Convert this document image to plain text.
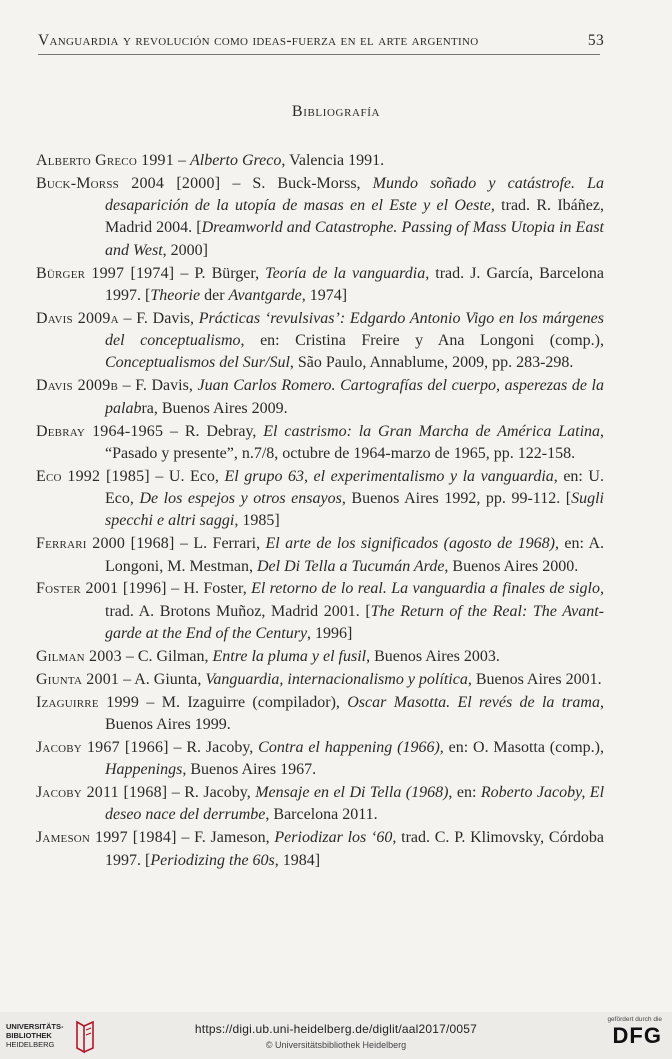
Vanguardia y revolución como ideas-fuerza en el arte argentino	53
Bibliografía

Alberto Greco 1991 – Alberto Greco, Valencia 1991.

Buck-Morss 2004 [2000] – S. Buck-Morss, Mundo soñado y catástrofe. La desaparición de la utopía de masas en el Este y el Oeste, trad. R. Ibáñez, Madrid 2004. [Dreamworld and Catastrophe. Passing of Mass Utopia in East and West, 2000]

Bürger 1997 [1974] – P. Bürger, Teoría de la vanguardia, trad. J. García, Barcelona 1997. [Theorie der Avantgarde, 1974]

Davis 2009a – F. Davis, Prácticas ‘revulsivas’: Edgardo Antonio Vigo en los márgenes del conceptualismo, en: Cristina Freire y Ana Longoni (comp.), Conceptualismos del Sur/Sul, São Paulo, Annablume, 2009, pp. 283-298.

Davis 2009b – F. Davis, Juan Carlos Romero. Cartografías del cuerpo, asperezas de la palabra, Buenos Aires 2009.

Debray 1964-1965 – R. Debray, El castrismo: la Gran Marcha de América Latina, “Pasado y presente”, n.7/8, octubre de 1964-marzo de 1965, pp. 122-158.

Eco 1992 [1985] – U. Eco, El grupo 63, el experimentalismo y la vanguardia, en: U. Eco, De los espejos y otros ensayos, Buenos Aires 1992, pp. 99-112. [Sugli specchi e altri saggi, 1985]

Ferrari 2000 [1968] – L. Ferrari, El arte de los significados (agosto de 1968), en: A. Longoni, M. Mestman, Del Di Tella a Tucumán Arde, Buenos Aires 2000.

Foster 2001 [1996] – H. Foster, El retorno de lo real. La vanguardia a finales de siglo, trad. A. Brotons Muñoz, Madrid 2001. [The Return of the Real: The Avant-garde at the End of the Century, 1996]

Gilman 2003 – C. Gilman, Entre la pluma y el fusil, Buenos Aires 2003.

Giunta 2001 – A. Giunta, Vanguardia, internacionalismo y política, Buenos Aires 2001.

Izaguirre 1999 – M. Izaguirre (compilador), Oscar Masotta. El revés de la trama, Buenos Aires 1999.

Jacoby 1967 [1966] – R. Jacoby, Contra el happening (1966), en: O. Masotta (comp.), Happenings, Buenos Aires 1967.

Jacoby 2011 [1968] – R. Jacoby, Mensaje en el Di Tella (1968), en: Roberto Jacoby, El deseo nace del derrumbe, Barcelona 2011.

Jameson 1997 [1984] – F. Jameson, Periodizar los ‘60, trad. C. P. Klimovsky, Córdoba 1997. [Periodizing the 60s, 1984]

UNIVERSITÄTS-BIBLIOTHEK
HEIDELBERG
https://digi.ub.uni-heidelberg.de/diglit/aal2017/0057
© Universitätsbibliothek Heidelberg
gefördert durch die
DFG
